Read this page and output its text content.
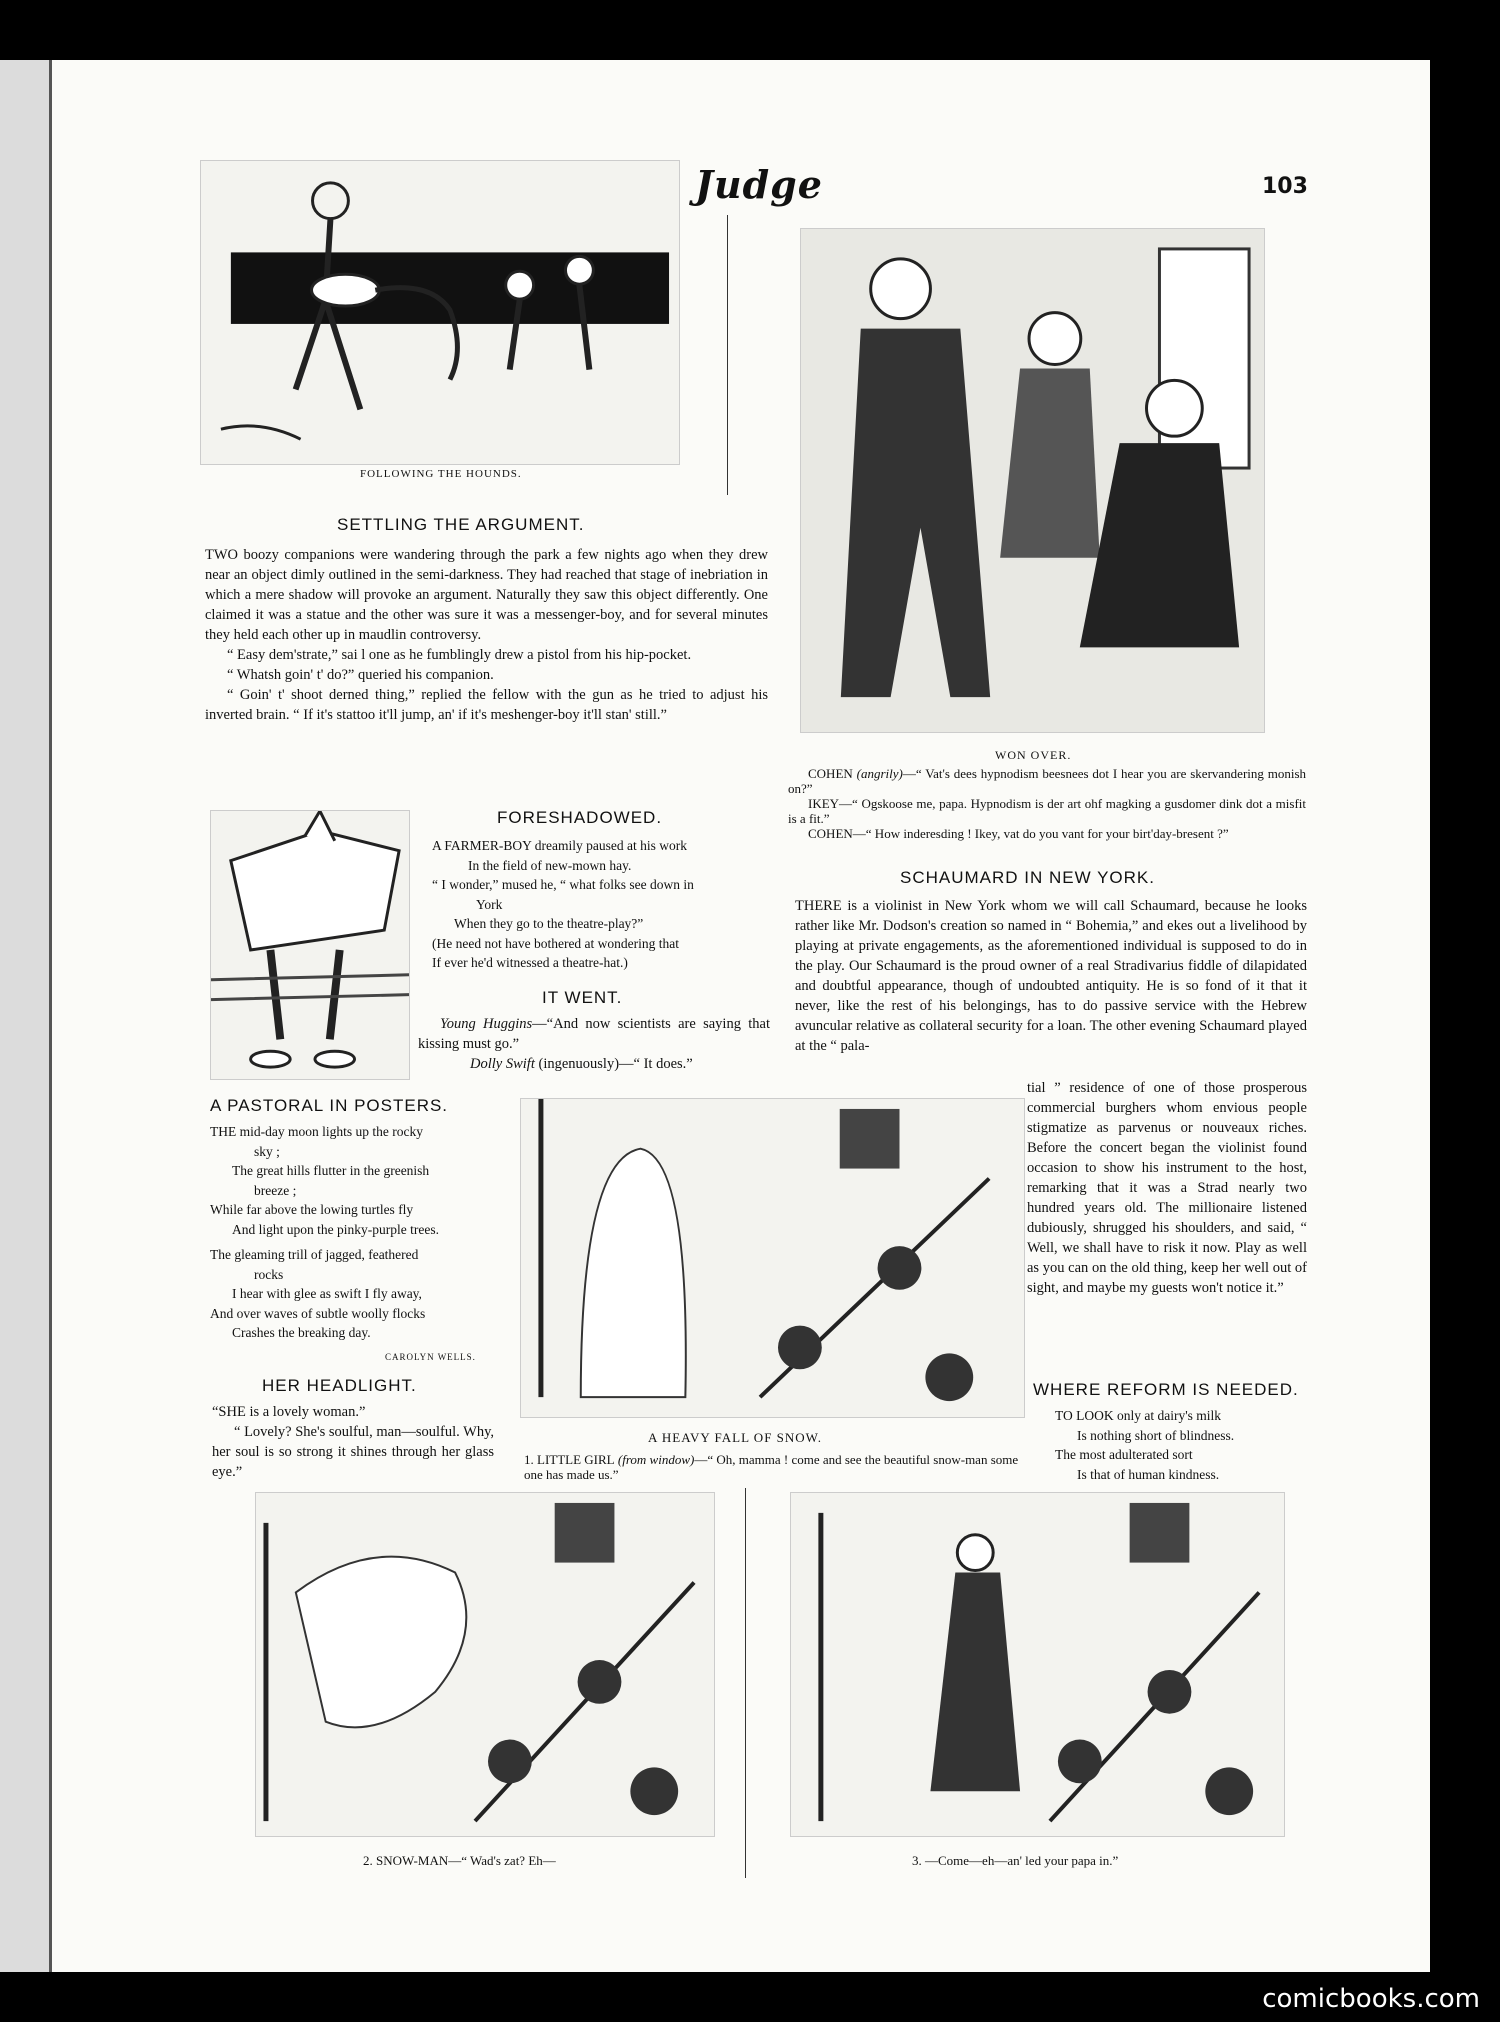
Judge	103
FOLLOWING THE HOUNDS.
SETTLING THE ARGUMENT.

TWO boozy companions were wandering through the park a few nights ago when they drew near an object dimly outlined in the semi-darkness. They had reached that stage of inebriation in which a mere shadow will provoke an argument. Naturally they saw this object differently. One claimed it was a statue and the other was sure it was a messenger-boy, and for several minutes they held each other up in maudlin controversy.

“ Easy dem'strate,” sai l one as he fumblingly drew a pistol from his hip-pocket.

“ Whatsh goin' t' do?” queried his companion.

“ Goin' t' shoot derned thing,” replied the fellow with the gun as he tried to adjust his inverted brain. “ If it's stattoo it'll jump, an' if it's meshenger-boy it'll stan' still.”

FORESHADOWED.
A FARMER-BOY dreamily paused at his work
In the field of new-mown hay.
“ I wonder,” mused he, “ what folks see down in
York
When they go to the theatre-play?”
(He need not have bothered at wondering that
If ever he'd witnessed a theatre-hat.)
IT WENT.

Young Huggins—“And now scientists are saying that kissing must go.”

Dolly Swift (ingenuously)—“ It does.”

A PASTORAL IN POSTERS.
THE mid-day moon lights up the rocky
sky ;
The great hills flutter in the greenish
breeze ;
While far above the lowing turtles fly
And light upon the pinky-purple trees.
The gleaming trill of jagged, feathered
rocks
I hear with glee as swift I fly away,
And over waves of subtle woolly flocks
Crashes the breaking day.
CAROLYN WELLS.
HER HEADLIGHT.

“SHE is a lovely woman.”

“ Lovely? She's soulful, man—soulful. Why, her soul is so strong it shines through her glass eye.”

WON OVER.
COHEN (angrily)—“ Vat's dees hypnodism beesnees dot I hear you are skervandering monish on?”
IKEY—“ Ogskoose me, papa. Hypnodism is der art ohf magking a gusdomer dink dot a misfit is a fit.”
COHEN—“ How inderesding ! Ikey, vat do you vant for your birt'day-bresent ?”
SCHAUMARD IN NEW YORK.

THERE is a violinist in New York whom we will call Schaumard, because he looks rather like Mr. Dodson's creation so named in “ Bohemia,” and ekes out a livelihood by playing at private engagements, as the aforementioned individual is supposed to do in the play. Our Schaumard is the proud owner of a real Stradivarius fiddle of dilapidated and doubtful appearance, though of undoubted antiquity. He is so fond of it that it never, like the rest of his belongings, has to do passive service with the Hebrew avuncular relative as collateral security for a loan. The other evening Schaumard played at the “ pala-

tial ” residence of one of those prosperous commercial burghers whom envious people stigmatize as parvenus or nouveaux riches. Before the concert began the violinist found occasion to show his instrument to the host, remarking that it was a Strad nearly two hundred years old. The millionaire listened dubiously, shrugged his shoulders, and said, “ Well, we shall have to risk it now. Play as well as you can on the old thing, keep her well out of sight, and maybe my guests won't notice it.”

WHERE REFORM IS NEEDED.
TO LOOK only at dairy's milk
Is nothing short of blindness.
The most adulterated sort
Is that of human kindness.
A HEAVY FALL OF SNOW.
1. LITTLE GIRL (from window)—“ Oh, mamma ! come and see the beautiful snow-man some one has made us.”
2. SNOW-MAN—“ Wad's zat? Eh—	3. —Come—eh—an' led your papa in.”
comicbooks.com
